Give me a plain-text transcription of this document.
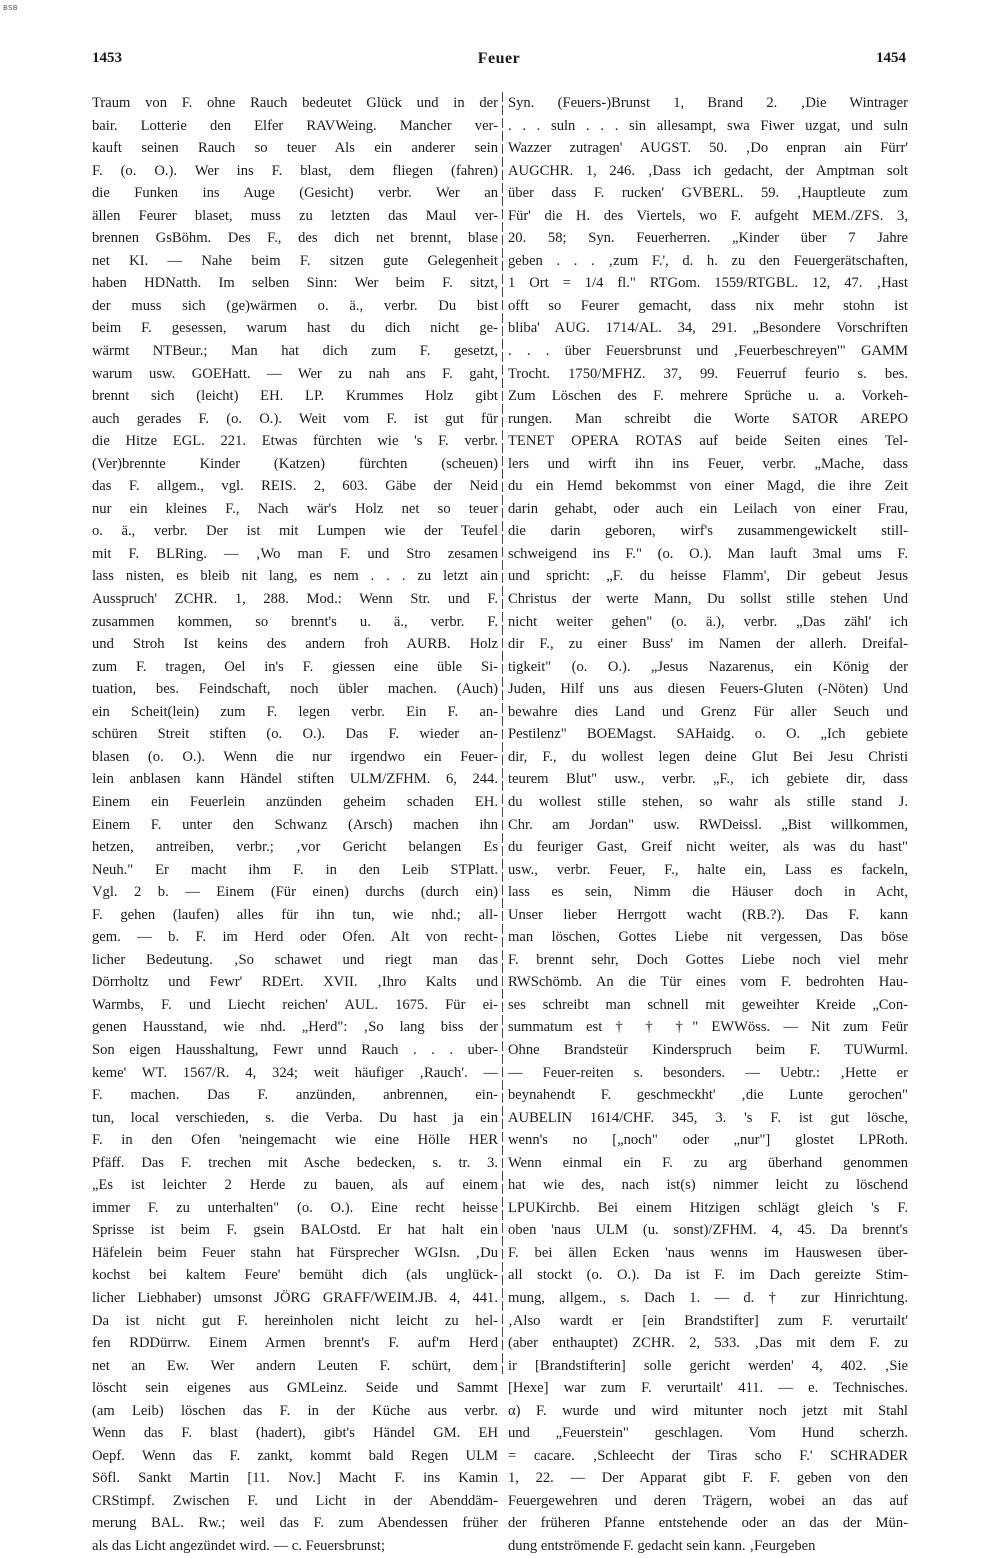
BSB
1453	Feuer	1454
Traum von F. ohne Rauch bedeutet Glück und in der
bair. Lotterie den Elfer RAVWeing. Mancher ver-
kauft seinen Rauch so teuer Als ein anderer sein
F. (o. O.). Wer ins F. blast, dem fliegen (fahren)
die Funken ins Auge (Gesicht) verbr. Wer an
ällen Feurer blaset, muss zu letzten das Maul ver-
brennen GsBöhm. Des F., des dich net brennt, blase
net KI. — Nahe beim F. sitzen gute Gelegenheit
haben HDNatth. Im selben Sinn: Wer beim F. sitzt,
der muss sich (ge)wärmen o. ä., verbr. Du bist
beim F. gesessen, warum hast du dich nicht ge-
wärmt NTBeur.; Man hat dich zum F. gesetzt,
warum usw. GOEHatt. — Wer zu nah ans F. gaht,
brennt sich (leicht) EH. LP. Krummes Holz gibt
auch gerades F. (o. O.). Weit vom F. ist gut für
die Hitze EGL. 221. Etwas fürchten wie 's F. verbr.
(Ver)brennte Kinder (Katzen) fürchten (scheuen)
das F. allgem., vgl. REIS. 2, 603. Gäbe der Neid
nur ein kleines F., Nach wär's Holz net so teuer
o. ä., verbr. Der ist mit Lumpen wie der Teufel
mit F. BLRing. — ‚Wo man F. und Stro zesamen
lass nisten, es bleib nit lang, es nem . . . zu letzt ain
Ausspruch' ZCHR. 1, 288. Mod.: Wenn Str. und F.
zusammen kommen, so brennt's u. ä., verbr. F.
und Stroh Ist keins des andern froh AURB. Holz
zum F. tragen, Oel in's F. giessen eine üble Si-
tuation, bes. Feindschaft, noch übler machen. (Auch)
ein Scheit(lein) zum F. legen verbr. Ein F. an-
schüren Streit stiften (o. O.). Das F. wieder an-
blasen (o. O.). Wenn die nur irgendwo ein Feuer-
lein anblasen kann Händel stiften ULM/ZFHM. 6, 244.
Einem ein Feuerlein anzünden geheim schaden EH.
Einem F. unter den Schwanz (Arsch) machen ihn
hetzen, antreiben, verbr.; ‚vor Gericht belangen Es
Neuh." Er macht ihm F. in den Leib STPlatt.
Vgl. 2 b. — Einem (Für einen) durchs (durch ein)
F. gehen (laufen) alles für ihn tun, wie nhd.; all-
gem. — b. F. im Herd oder Ofen. Alt von recht-
licher Bedeutung. ‚So schawet und riegt man das
Dörrholtz und Fewr' RDErt. XVII. ‚Ihro Kalts und
Warmbs, F. und Liecht reichen' AUL. 1675. Für ei-
genen Hausstand, wie nhd. „Herd": ‚So lang biss der
Son eigen Hausshaltung, Fewr unnd Rauch . . . uber-
keme' WT. 1567/R. 4, 324; weit häufiger ‚Rauch'. —
F. machen. Das F. anzünden, anbrennen, ein-
tun, local verschieden, s. die Verba. Du hast ja ein
F. in den Ofen 'neingemacht wie eine Hölle HER
Pfäff. Das F. trechen mit Asche bedecken, s. tr. 3.
„Es ist leichter 2 Herde zu bauen, als auf einem
immer F. zu unterhalten" (o. O.). Eine recht heisse
Sprisse ist beim F. gsein BALOstd. Er hat halt ein
Häfelein beim Feuer stahn hat Fürsprecher WGIsn. ‚Du
kochst bei kaltem Feure' bemüht dich (als unglück-
licher Liebhaber) umsonst JÖRG GRAFF/WEIM.JB. 4, 441.
Da ist nicht gut F. hereinholen nicht leicht zu hel-
fen RDDürrw. Einem Armen brennt's F. auf'm Herd
net an Ew. Wer andern Leuten F. schürt, dem
löscht sein eigenes aus GMLeinz. Seide und Sammt
(am Leib) löschen das F. in der Küche aus verbr.
Wenn das F. blast (hadert), gibt's Händel GM. EH
Oepf. Wenn das F. zankt, kommt bald Regen ULM
Söfl. Sankt Martin [11. Nov.] Macht F. ins Kamin
CRStimpf. Zwischen F. und Licht in der Abenddäm-
merung BAL. Rw.; weil das F. zum Abendessen früher
als das Licht angezündet wird. — c. Feuersbrunst;
Syn. (Feuers-)Brunst 1, Brand 2. ‚Die Wintrager
. . . suln . . . sin allesampt, swa Fiwer uzgat, und suln
Wazzer zutragen' AUGST. 50. ‚Do enpran ain Fürr'
AUGCHR. 1, 246. ‚Dass ich gedacht, der Amptman solt
über dass F. rucken' GVBERL. 59. ‚Hauptleute zum
Für' die H. des Viertels, wo F. aufgeht MEM./ZFS. 3,
20. 58; Syn. Feuerherren. „Kinder über 7 Jahre
geben . . . ‚zum F.', d. h. zu den Feuergerätschaften,
1 Ort = 1/4 fl." RTGom. 1559/RTGBL. 12, 47. ‚Hast
offt so Feurer gemacht, dass nix mehr stohn ist
bliba' AUG. 1714/AL. 34, 291. „Besondere Vorschriften
. . . über Feuersbrunst und ‚Feuerbeschreyen'" GAMM
Trocht. 1750/MFHZ. 37, 99. Feuerruf feurio s. bes.
Zum Löschen des F. mehrere Sprüche u. a. Vorkeh-
rungen. Man schreibt die Worte SATOR AREPO
TENET OPERA ROTAS auf beide Seiten eines Tel-
lers und wirft ihn ins Feuer, verbr. „Mache, dass
du ein Hemd bekommst von einer Magd, die ihre Zeit
darin gehabt, oder auch ein Leilach von einer Frau,
die darin geboren, wirf's zusammengewickelt still-
schweigend ins F." (o. O.). Man lauft 3mal ums F.
und spricht: „F. du heisse Flamm', Dir gebeut Jesus
Christus der werte Mann, Du sollst stille stehen Und
nicht weiter gehen" (o. ä.), verbr. „Das zähl' ich
dir F., zu einer Buss' im Namen der allerh. Dreifal-
tigkeit" (o. O.). „Jesus Nazarenus, ein König der
Juden, Hilf uns aus diesen Feuers-Gluten (-Nöten) Und
bewahre dies Land und Grenz Für aller Seuch und
Pestilenz" BOEMagst. SAHaidg. o. O. „Ich gebiete
dir, F., du wollest legen deine Glut Bei Jesu Christi
teurem Blut" usw., verbr. „F., ich gebiete dir, dass
du wollest stille stehen, so wahr als stille stand J.
Chr. am Jordan" usw. RWDeissl. „Bist willkommen,
du feuriger Gast, Greif nicht weiter, als was du hast"
usw., verbr. Feuer, F., halte ein, Lass es fackeln,
lass es sein, Nimm die Häuser doch in Acht,
Unser lieber Herrgott wacht (RB.?). Das F. kann
man löschen, Gottes Liebe nit vergessen, Das böse
F. brennt sehr, Doch Gottes Liebe noch viel mehr
RWSchömb. An die Tür eines vom F. bedrohten Hau-
ses schreibt man schnell mit geweihter Kreide „Con-
summatum est † † †" EWWöss. — Nit zum Feür
Ohne Brandsteür Kinderspruch beim F. TUWurml.
— Feuer-reiten s. besonders. — Uebtr.: ‚Hette er
beynahendt F. geschmeckht' ‚die Lunte gerochen"
AUBELIN 1614/CHF. 345, 3. 's F. ist gut lösche,
wenn's no [„noch" oder „nur"] glostet LPRoth.
Wenn einmal ein F. zu arg überhand genommen
hat wie des, nach ist(s) nimmer leicht zu löschend
LPUKirchb. Bei einem Hitzigen schlägt gleich 's F.
oben 'naus ULM (u. sonst)/ZFHM. 4, 45. Da brennt's
F. bei ällen Ecken 'naus wenns im Hauswesen über-
all stockt (o. O.). Da ist F. im Dach gereizte Stim-
mung, allgem., s. Dach 1. — d. † zur Hinrichtung.
‚Also wardt er [ein Brandstifter] zum F. verurtailt'
(aber enthauptet) ZCHR. 2, 533. ‚Das mit dem F. zu
ir [Brandstifterin] solle gericht werden' 4, 402. ‚Sie
[Hexe] war zum F. verurtailt' 411. — e. Technisches.
α) F. wurde und wird mitunter noch jetzt mit Stahl
und „Feuerstein" geschlagen. Vom Hund scherzh.
= cacare. ‚Schleecht der Tiras scho F.' SCHRADER
1, 22. — Der Apparat gibt F. F. geben von den
Feuergewehren und deren Trägern, wobei an das auf
der früheren Pfanne entstehende oder an das der Mün-
dung entströmende F. gedacht sein kann. ‚Feurgeben
